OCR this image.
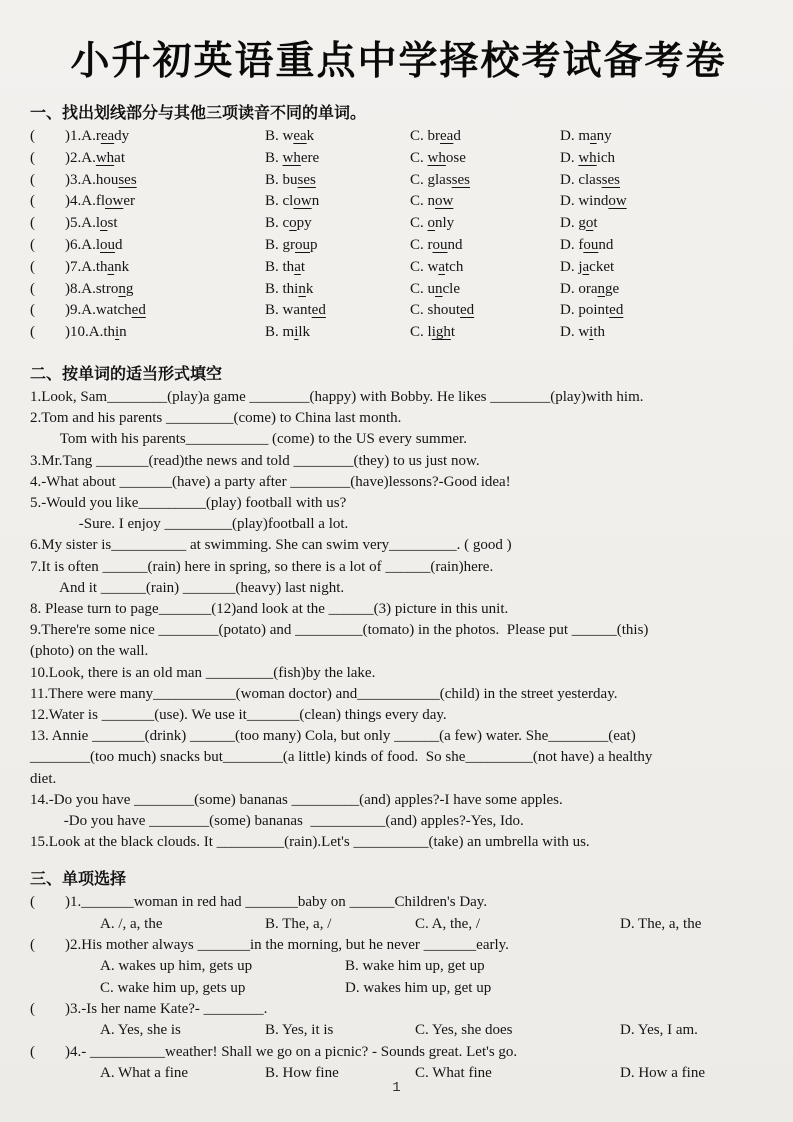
小升初英语重点中学择校考试备考卷
一、找出划线部分与其他三项读音不同的单词。
(	)1.A.ready	B. weak	C. bread	D. many
(	)2.A.what	B. where	C. whose	D. which
(	)3.A.houses	B. buses	C. glasses	D. classes
(	)4.A.flower	B. clown	C. now	D. window
(	)5.A.lost	B. copy	C. only	D. got
(	)6.A.loud	B. group	C. round	D. found
(	)7.A.thank	B. that	C. watch	D. jacket
(	)8.A.strong	B. think	C. uncle	D. orange
(	)9.A.watched	B. wanted	C. shouted	D. pointed
(	)10.A.thin	B. milk	C. light	D. with
二、按单词的适当形式填空
1.Look, Sam________(play)a game ________(happy) with Bobby. He likes ________(play)with him.
2.Tom and his parents _________(come) to China last month.
Tom with his parents___________ (come) to the US every summer.
3.Mr.Tang _______(read)the news and told ________(they) to us just now.
4.-What about _______(have) a party after ________(have)lessons?-Good idea!
5.-Would you like_________(play) football with us?
-Sure. I enjoy _________(play)football a lot.
6.My sister is__________ at swimming. She can swim very_________. ( good )
7.It is often ______(rain) here in spring, so there is a lot of ______(rain)here.
And it ______(rain) _______(heavy) last night.
8. Please turn to page_______(12)and look at the ______(3) picture in this unit.
9.There're some nice ________(potato) and _________(tomato) in the photos.  Please put ______(this)
(photo) on the wall.
10.Look, there is an old man _________(fish)by the lake.
11.There were many___________(woman doctor) and___________(child) in the street yesterday.
12.Water is _______(use). We use it_______(clean) things every day.
13. Annie _______(drink) ______(too many) Cola, but only ______(a few) water. She________(eat)
________(too much) snacks but________(a little) kinds of food.  So she_________(not have) a healthy
diet.
14.-Do you have ________(some) bananas _________(and) apples?-I have some apples.
-Do you have ________(some) bananas  __________(and) apples?-Yes, Ido.
15.Look at the black clouds. It _________(rain).Let's __________(take) an umbrella with us.
三、单项选择
(	)1._______woman in red had _______baby on ______Children's Day.
A. /, a, the	B. The, a, /	C. A, the, /	D. The, a, the
(	)2.His mother always _______in the morning, but he never _______early.
A. wakes up him, gets up	B. wake him up, get up
C. wake him up, gets up	D. wakes him up, get up
(	)3.-Is her name Kate?- ________.
A. Yes, she is	B. Yes, it is	C. Yes, she does	D. Yes, I am.
(	)4.- __________weather! Shall we go on a picnic? - Sounds great. Let's go.
A. What a fine	B. How fine	C. What fine	D. How a fine
1
